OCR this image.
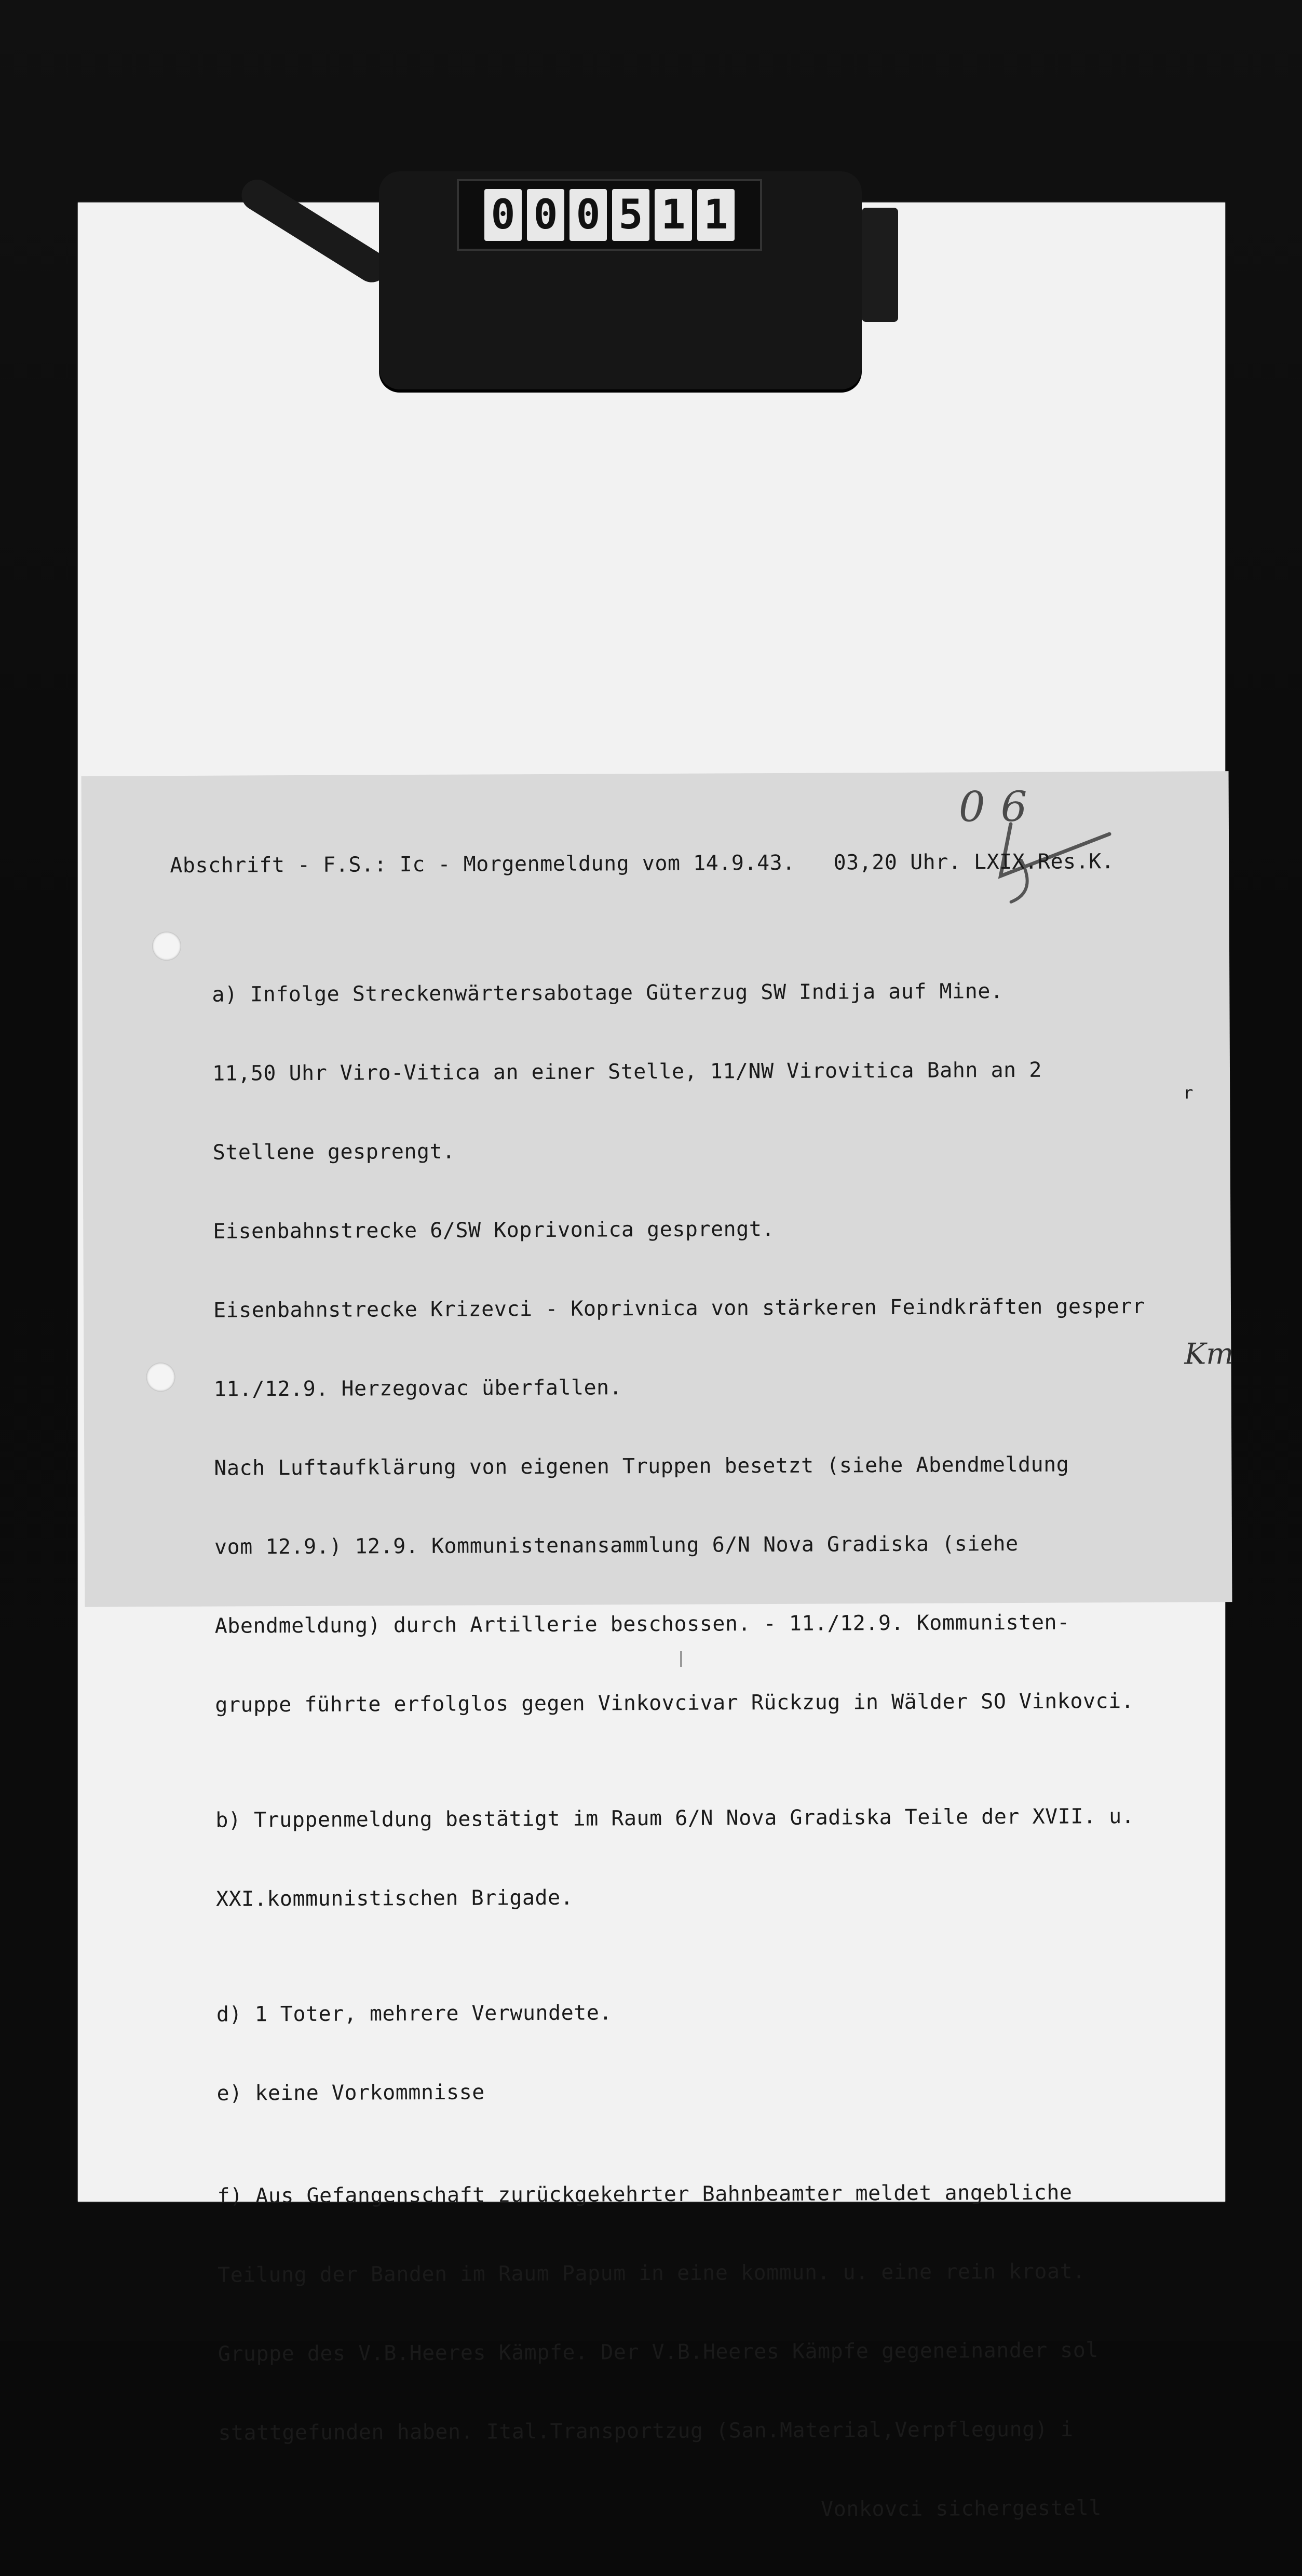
0 0 0 5 1 1
06
Abschrift - F.S.: Ic - Morgenmeldung vom 14.9.43.   03,20 Uhr. LXIX.Res.K.

a) Infolge Streckenwärtersabotage Güterzug SW Indija auf Mine.

11,50 Uhr Viro-Vitica an einer Stelle, 11/NW Virovitica Bahn an 2

Stellene gesprengt.

Eisenbahnstrecke 6/SW Koprivonica gesprengt.

Eisenbahnstrecke Krizevci - Koprivnica von stärkeren Feindkräften gesperr

11./12.9. Herzegovac überfallen.

Nach Luftaufklärung von eigenen Truppen besetzt (siehe Abendmeldung

vom 12.9.) 12.9. Kommunistenansammlung 6/N Nova Gradiska (siehe

Abendmeldung) durch Artillerie beschossen. - 11./12.9. Kommunisten-

gruppe führte erfolglos gegen Vinkovcivar Rückzug in Wälder SO Vinkovci.

b) Truppenmeldung bestätigt im Raum 6/N Nova Gradiska Teile der XVII. u.

XXI.kommunistischen Brigade.

d) 1 Toter, mehrere Verwundete.

e) keine Vorkommnisse

f) Aus Gefangenschaft zurückgekehrter Bahnbeamter meldet angebliche

Teilung der Banden im Raum Papum in eine kommun. u. eine rein kroat.

Gruppe des V.B.Heeres Kämpfe. Der V.B.Heeres Kämpfe gegeneinander sol

stattgefunden haben. Ital.Transportzug (San.Material,Verpflegung) i

Vonkovci sichergestell

r
Km
